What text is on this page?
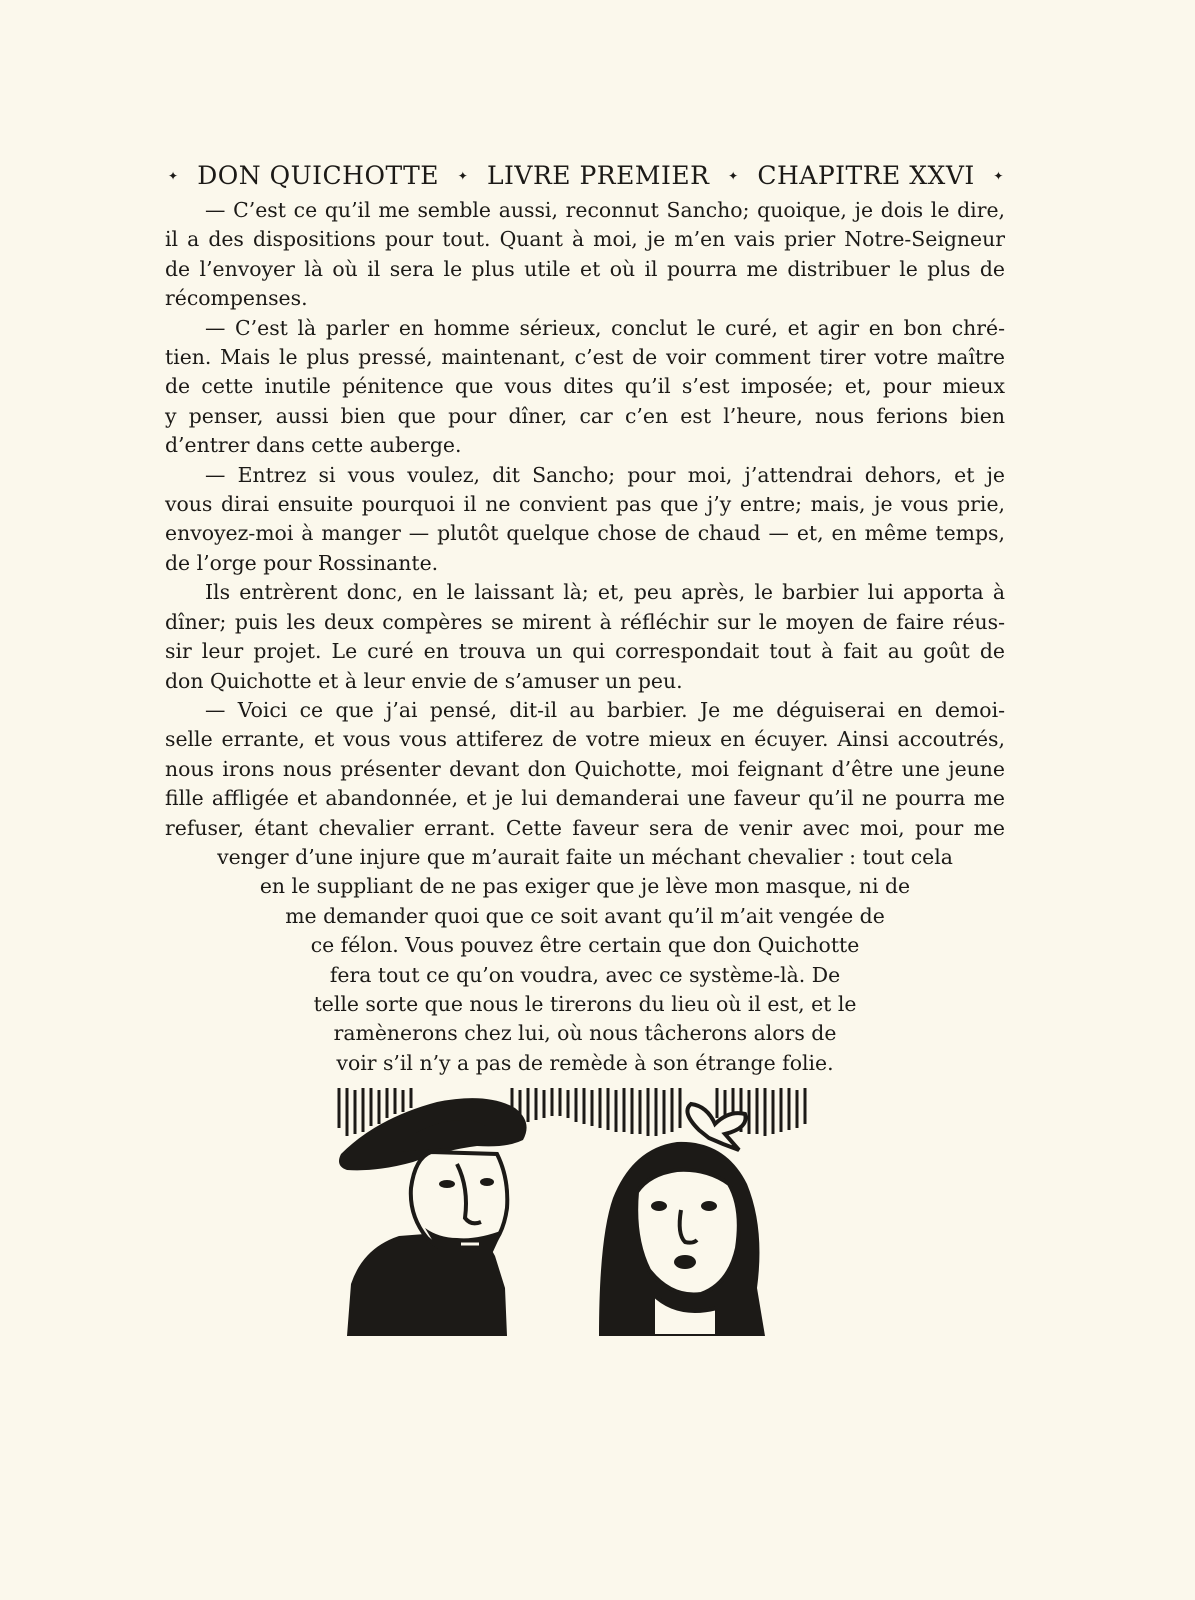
✦ DON QUICHOTTE ✦ LIVRE PREMIER ✦ CHAPITRE XXVI ✦
— C’est ce qu’il me semble aussi, reconnut Sancho; quoique, je dois le dire,
il a des dispositions pour tout. Quant à moi, je m’en vais prier Notre-Seigneur
de l’envoyer là où il sera le plus utile et où il pourra me distribuer le plus de
récompenses.
— C’est là parler en homme sérieux, conclut le curé, et agir en bon chré-
tien. Mais le plus pressé, maintenant, c’est de voir comment tirer votre maître
de cette inutile pénitence que vous dites qu’il s’est imposée; et, pour mieux
y penser, aussi bien que pour dîner, car c’en est l’heure, nous ferions bien
d’entrer dans cette auberge.
— Entrez si vous voulez, dit Sancho; pour moi, j’attendrai dehors, et je
vous dirai ensuite pourquoi il ne convient pas que j’y entre; mais, je vous prie,
envoyez-moi à manger — plutôt quelque chose de chaud — et, en même temps,
de l’orge pour Rossinante.
Ils entrèrent donc, en le laissant là; et, peu après, le barbier lui apporta à
dîner; puis les deux compères se mirent à réfléchir sur le moyen de faire réus-
sir leur projet. Le curé en trouva un qui correspondait tout à fait au goût de
don Quichotte et à leur envie de s’amuser un peu.
— Voici ce que j’ai pensé, dit-il au barbier. Je me déguiserai en demoi-
selle errante, et vous vous attiferez de votre mieux en écuyer. Ainsi accoutrés,
nous irons nous présenter devant don Quichotte, moi feignant d’être une jeune
fille affligée et abandonnée, et je lui demanderai une faveur qu’il ne pourra me
refuser, étant chevalier errant. Cette faveur sera de venir avec moi, pour me
venger d’une injure que m’aurait faite un méchant chevalier : tout cela
en le suppliant de ne pas exiger que je lève mon masque, ni de
me demander quoi que ce soit avant qu’il m’ait vengée de
ce félon. Vous pouvez être certain que don Quichotte
fera tout ce qu’on voudra, avec ce système-là. De
telle sorte que nous le tirerons du lieu où il est, et le
ramènerons chez lui, où nous tâcherons alors de
voir s’il n’y a pas de remède à son étrange folie.
